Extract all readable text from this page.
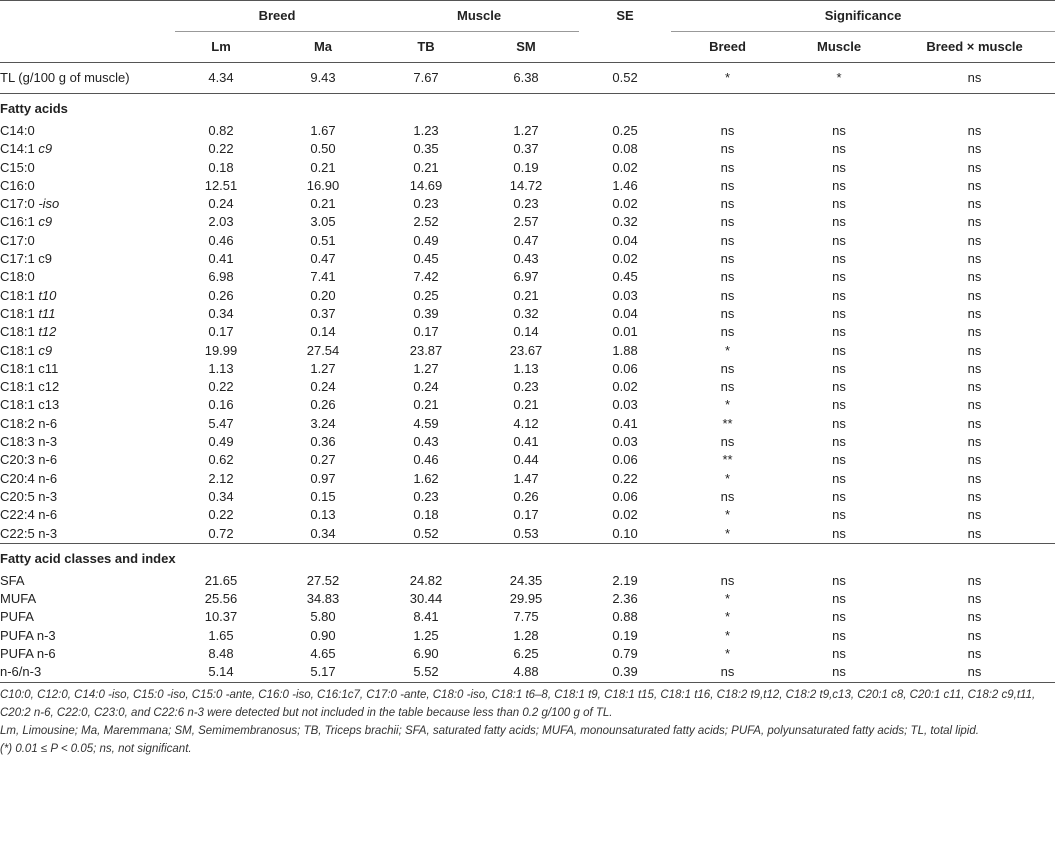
	Breed		Muscle		SE	Significance		
	Lm	Ma	TB	SM		Breed	Muscle	Breed × muscle
TL (g/100 g of muscle)	4.34	9.43	7.67	6.38	0.52	*	*	ns
Fatty acids								
C14:0	0.82	1.67	1.23	1.27	0.25	ns	ns	ns
C14:1 c9	0.22	0.50	0.35	0.37	0.08	ns	ns	ns
C15:0	0.18	0.21	0.21	0.19	0.02	ns	ns	ns
C16:0	12.51	16.90	14.69	14.72	1.46	ns	ns	ns
C17:0 -iso	0.24	0.21	0.23	0.23	0.02	ns	ns	ns
C16:1 c9	2.03	3.05	2.52	2.57	0.32	ns	ns	ns
C17:0	0.46	0.51	0.49	0.47	0.04	ns	ns	ns
C17:1 c9	0.41	0.47	0.45	0.43	0.02	ns	ns	ns
C18:0	6.98	7.41	7.42	6.97	0.45	ns	ns	ns
C18:1 t10	0.26	0.20	0.25	0.21	0.03	ns	ns	ns
C18:1 t11	0.34	0.37	0.39	0.32	0.04	ns	ns	ns
C18:1 t12	0.17	0.14	0.17	0.14	0.01	ns	ns	ns
C18:1 c9	19.99	27.54	23.87	23.67	1.88	*	ns	ns
C18:1 c11	1.13	1.27	1.27	1.13	0.06	ns	ns	ns
C18:1 c12	0.22	0.24	0.24	0.23	0.02	ns	ns	ns
C18:1 c13	0.16	0.26	0.21	0.21	0.03	*	ns	ns
C18:2 n-6	5.47	3.24	4.59	4.12	0.41	**	ns	ns
C18:3 n-3	0.49	0.36	0.43	0.41	0.03	ns	ns	ns
C20:3 n-6	0.62	0.27	0.46	0.44	0.06	**	ns	ns
C20:4 n-6	2.12	0.97	1.62	1.47	0.22	*	ns	ns
C20:5 n-3	0.34	0.15	0.23	0.26	0.06	ns	ns	ns
C22:4 n-6	0.22	0.13	0.18	0.17	0.02	*	ns	ns
C22:5 n-3	0.72	0.34	0.52	0.53	0.10	*	ns	ns
Fatty acid classes and index								
SFA	21.65	27.52	24.82	24.35	2.19	ns	ns	ns
MUFA	25.56	34.83	30.44	29.95	2.36	*	ns	ns
PUFA	10.37	5.80	8.41	7.75	0.88	*	ns	ns
PUFA n-3	1.65	0.90	1.25	1.28	0.19	*	ns	ns
PUFA n-6	8.48	4.65	6.90	6.25	0.79	*	ns	ns
n-6/n-3	5.14	5.17	5.52	4.88	0.39	ns	ns	ns

C10:0, C12:0, C14:0 -iso, C15:0 -iso, C15:0 -ante, C16:0 -iso, C16:1c7, C17:0 -ante, C18:0 -iso, C18:1 t6–8, C18:1 t9, C18:1 t15, C18:1 t16, C18:2 t9,t12, C18:2 t9,c13, C20:1 c8, C20:1 c11, C18:2 c9,t11, C20:2 n-6, C22:0, C23:0, and C22:6 n-3 were detected but not included in the table because less than 0.2 g/100 g of TL.

Lm, Limousine; Ma, Maremmana; SM, Semimembranosus; TB, Triceps brachii; SFA, saturated fatty acids; MUFA, monounsaturated fatty acids; PUFA, polyunsaturated fatty acids; TL, total lipid.

(*) 0.01 ≤ P < 0.05; ns, not significant.
